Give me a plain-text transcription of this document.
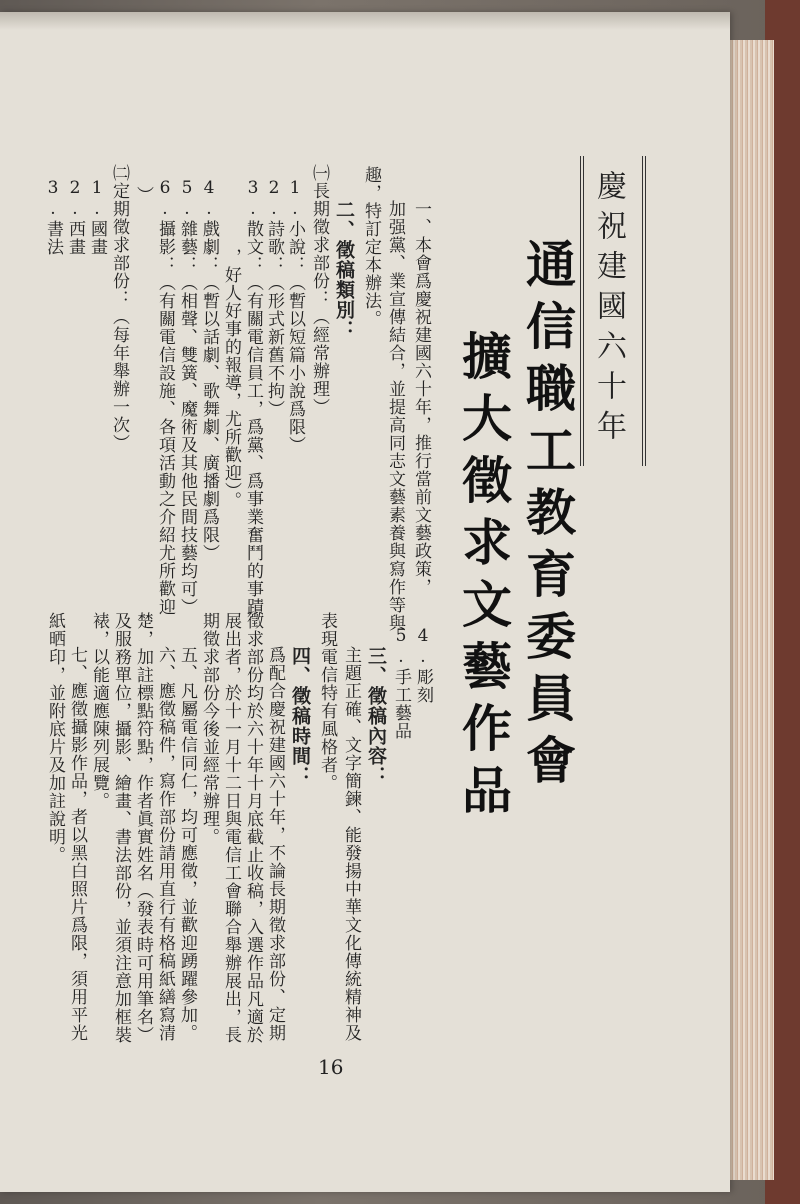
慶祝建國六十年
通信職工教育委員會
擴大徵求文藝作品
一、本會爲慶祝建國六十年，推行當前文藝政策，
加强黨、業宣傳結合，並提高同志文藝素養與寫作等與
趣，特訂定本辦法。
二、徵稿類別：
㈠長期徵求部份：（經常辦理）
1.小說：（暫以短篇小說爲限）
2.詩歌：（形式新舊不拘）
3.散文：（有關電信員工，爲黨、爲事業奮鬥的事蹟
，好人好事的報導，尤所歡迎）。
4.戲劇：（暫以話劇、歌舞劇、廣播劇爲限）
5.雜藝：（相聲、雙簧、魔術及其他民間技藝均可）
6.攝影：（有關電信設施、各項活動之介紹尤所歡迎
）
㈡定期徵求部份：（每年舉辦一次）
1.國畫
2.西畫
3.書法
4.彫刻
5.手工藝品
三、徵稿內容：
主題正確、文字簡鍊、能發揚中華文化傳統精神及
表現電信特有風格者。
四、徵稿時間：
爲配合慶祝建國六十年，不論長期徵求部份、定期
徵求部份均於六十年十月底截止收稿，入選作品凡適於
展出者，於十一月十二日與電信工會聯合舉辦展出，長
期徵求部份今後並經常辦理。
五、凡屬電信同仁，均可應徵，並歡迎踴躍參加。
六、應徵稿件，寫作部份請用直行有格稿紙繕寫清
楚，加註標點符點，作者眞實姓名（發表時可用筆名）
及服務單位，攝影、繪畫、書法部份，並須注意加框裝
裱，以能適應陳列展覽。
七、應徵攝影作品，者以黑白照片爲限，須用平光
紙晒印，並附底片及加註說明。
16
